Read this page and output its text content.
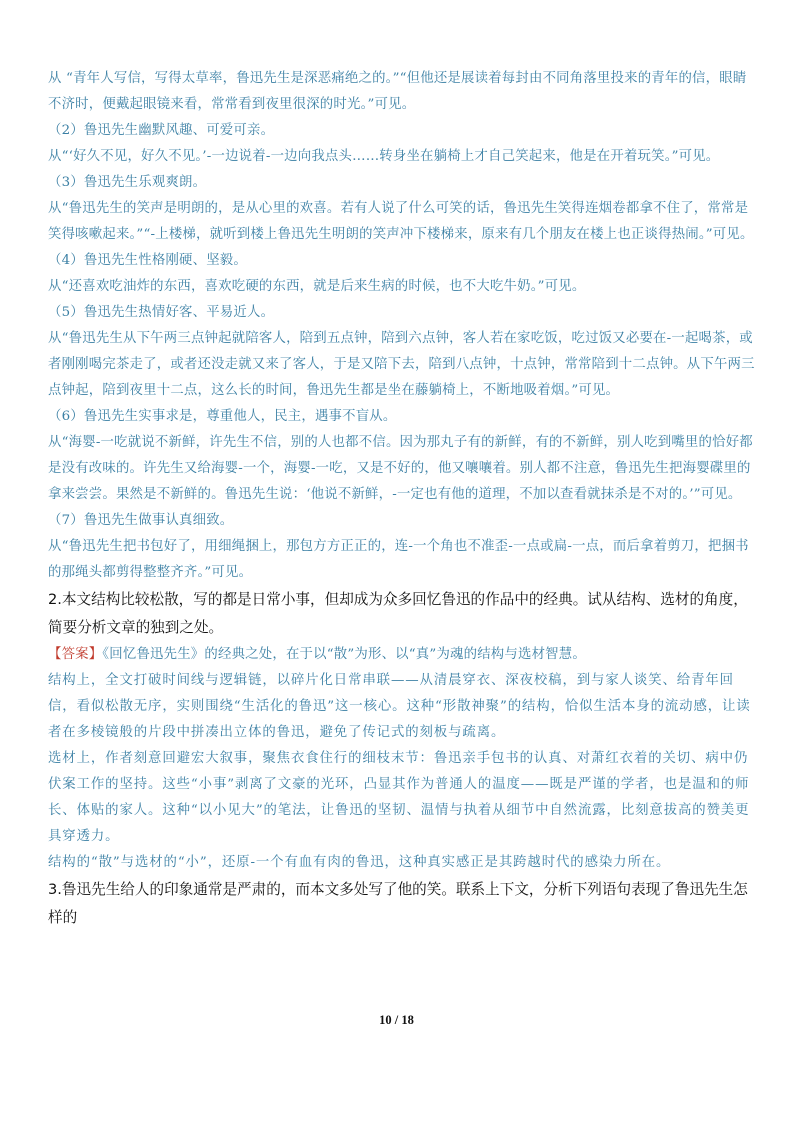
从 “青年人写信，写得太草率，鲁迅先生是深恶痛绝之的。”“但他还是展读着每封由不同角落里投来的青年的信，眼睛不济时，便戴起眼镜来看，常常看到夜里很深的时光。”可见。

（2）鲁迅先生幽默风趣、可爱可亲。

从“‘好久不见，好久不见。’-一边说着-一边向我点头……转身坐在躺椅上才自己笑起来，他是在开着玩笑。”可见。

（3）鲁迅先生乐观爽朗。

从“鲁迅先生的笑声是明朗的，是从心里的欢喜。若有人说了什么可笑的话，鲁迅先生笑得连烟卷都拿不住了，常常是笑得咳嗽起来。”“-上楼梯，就听到楼上鲁迅先生明朗的笑声冲下楼梯来，原来有几个朋友在楼上也正谈得热闹。”可见。

（4）鲁迅先生性格刚硬、坚毅。

从“还喜欢吃油炸的东西，喜欢吃硬的东西，就是后来生病的时候，也不大吃牛奶。”可见。

（5）鲁迅先生热情好客、平易近人。

从“鲁迅先生从下午两三点钟起就陪客人，陪到五点钟，陪到六点钟，客人若在家吃饭，吃过饭又必要在-一起喝茶，或者刚刚喝完茶走了，或者还没走就又来了客人，于是又陪下去，陪到八点钟，十点钟，常常陪到十二点钟。从下午两三点钟起，陪到夜里十二点，这么长的时间，鲁迅先生都是坐在藤躺椅上，不断地吸着烟。”可见。

（6）鲁迅先生实事求是，尊重他人，民主，遇事不盲从。

从“海婴-一吃就说不新鲜，许先生不信，别的人也都不信。因为那丸子有的新鲜，有的不新鲜，别人吃到嘴里的恰好都是没有改味的。许先生又给海婴-一个，海婴-一吃，又是不好的，他又嚷嚷着。别人都不注意，鲁迅先生把海婴碟里的拿来尝尝。果然是不新鲜的。鲁迅先生说：‘他说不新鲜，-一定也有他的道理，不加以查看就抹杀是不对的。’”可见。

（7）鲁迅先生做事认真细致。

从“鲁迅先生把书包好了，用细绳捆上，那包方方正正的，连-一个角也不准歪-一点或扁-一点，而后拿着剪刀，把捆书的那绳头都剪得整整齐齐。”可见。

2.本文结构比较松散，写的都是日常小事，但却成为众多回忆鲁迅的作品中的经典。试从结构、选材的角度，简要分析文章的独到之处。

【答案】《回忆鲁迅先生》的经典之处，在于以“散”为形、以“真”为魂的结构与选材智慧。

结构上，全文打破时间线与逻辑链，以碎片化日常串联——从清晨穿衣、深夜校稿，到与家人谈笑、给青年回信，看似松散无序，实则围绕“生活化的鲁迅”这一核心。这种“形散神聚”的结构，恰似生活本身的流动感，让读者在多棱镜般的片段中拼凑出立体的鲁迅，避免了传记式的刻板与疏离。

选材上，作者刻意回避宏大叙事，聚焦衣食住行的细枝末节：鲁迅亲手包书的认真、对萧红衣着的关切、病中仍伏案工作的坚持。这些“小事”剥离了文豪的光环，凸显其作为普通人的温度——既是严谨的学者，也是温和的师长、体贴的家人。这种“以小见大”的笔法，让鲁迅的坚韧、温情与执着从细节中自然流露，比刻意拔高的赞美更具穿透力。

结构的“散”与选材的“小”，还原-一个有血有肉的鲁迅，这种真实感正是其跨越时代的感染力所在。

3.鲁迅先生给人的印象通常是严肃的，而本文多处写了他的笑。联系上下文，分析下列语句表现了鲁迅先生怎样的

10 / 18
